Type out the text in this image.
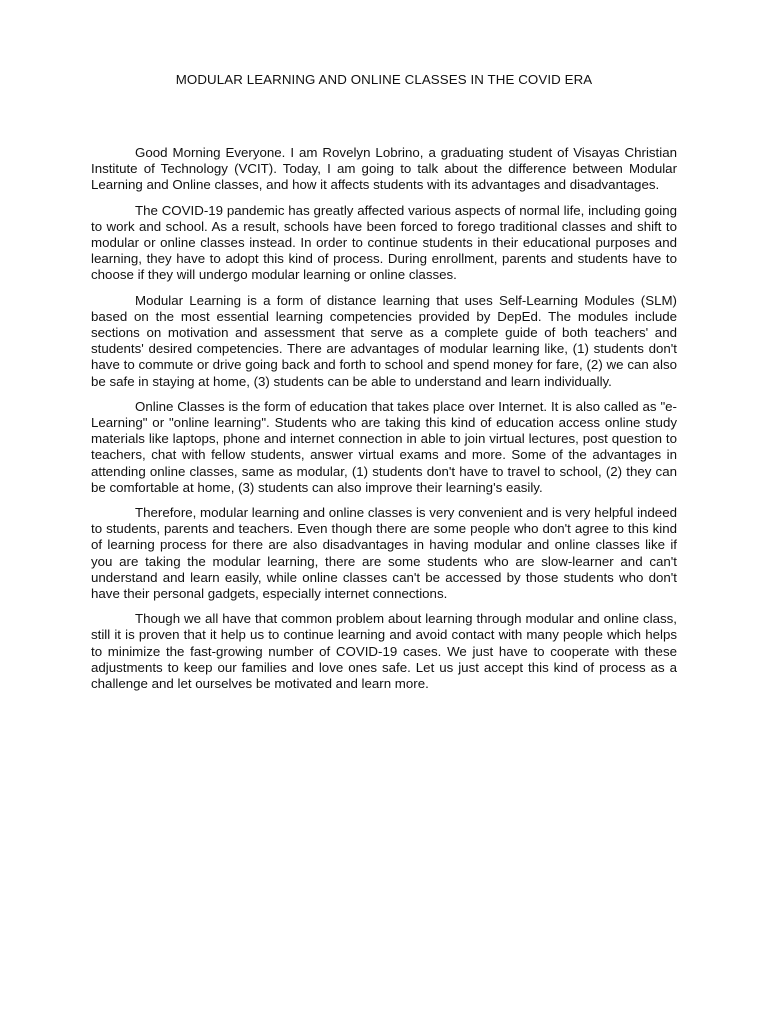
MODULAR LEARNING AND ONLINE CLASSES IN THE COVID ERA

Good Morning Everyone. I am Rovelyn Lobrino, a graduating student of Visayas Christian Institute of Technology (VCIT). Today, I am going to talk about the difference between Modular Learning and Online classes, and how it affects students with its advantages and disadvantages.

The COVID-19 pandemic has greatly affected various aspects of normal life, including going to work and school. As a result, schools have been forced to forego traditional classes and shift to modular or online classes instead. In order to continue students in their educational purposes and learning, they have to adopt this kind of process. During enrollment, parents and students have to choose if they will undergo modular learning or online classes.

Modular Learning is a form of distance learning that uses Self-Learning Modules (SLM) based on the most essential learning competencies provided by DepEd. The modules include sections on motivation and assessment that serve as a complete guide of both teachers' and students' desired competencies. There are advantages of modular learning like, (1) students don't have to commute or drive going back and forth to school and spend money for fare, (2) we can also be safe in staying at home, (3) students can be able to understand and learn individually.

Online Classes is the form of education that takes place over Internet. It is also called as "e-Learning" or "online learning". Students who are taking this kind of education access online study materials like laptops, phone and internet connection in able to join virtual lectures, post question to teachers, chat with fellow students, answer virtual exams and more. Some of the advantages in attending online classes, same as modular, (1) students don't have to travel to school, (2) they can be comfortable at home, (3) students can also improve their learning's easily.

Therefore, modular learning and online classes is very convenient and is very helpful indeed to students, parents and teachers. Even though there are some people who don't agree to this kind of learning process for there are also disadvantages in having modular and online classes like if you are taking the modular learning, there are some students who are slow-learner and can't understand and learn easily, while online classes can't be accessed by those students who don't have their personal gadgets, especially internet connections.

Though we all have that common problem about learning through modular and online class, still it is proven that it help us to continue learning and avoid contact with many people which helps to minimize the fast-growing number of COVID-19 cases. We just have to cooperate with these adjustments to keep our families and love ones safe. Let us just accept this kind of process as a challenge and let ourselves be motivated and learn more.
